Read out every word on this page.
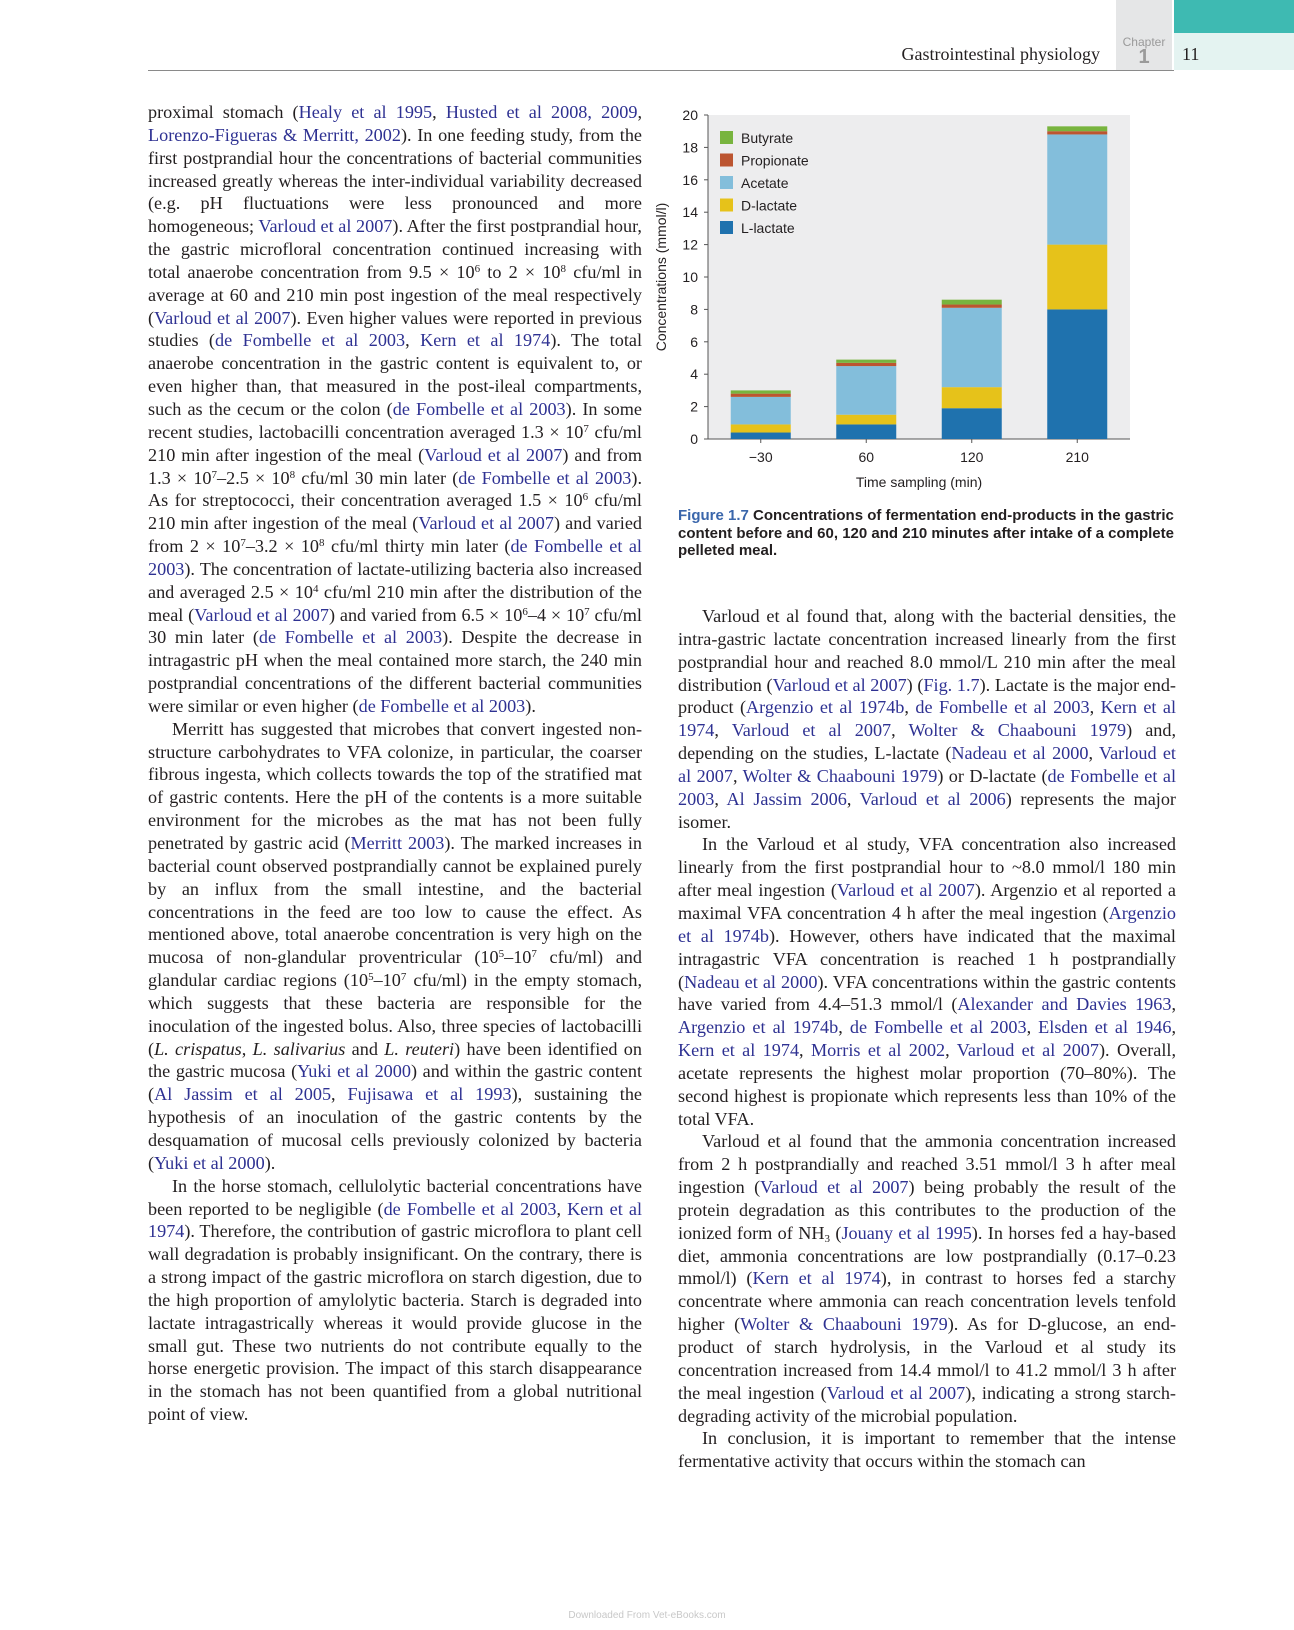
Chapter
1
Gastrointestinal physiology	11

proximal stomach (Healy et al 1995, Husted et al 2008, 2009, Lorenzo-Figueras & Merritt, 2002). In one feeding study, from the first postprandial hour the concentrations of bacterial communities increased greatly whereas the inter-individual variability decreased (e.g. pH fluctuations were less pronounced and more homogeneous; Varloud et al 2007). After the first postprandial hour, the gastric microfloral concentration continued increasing with total anaerobe concentration from $9.5 \times 10^6$ to $2 \times 10^8$ cfu/ml in average at 60 and 210 min post ingestion of the meal respectively (Varloud et al 2007). Even higher values were reported in previous studies (de Fombelle et al 2003, Kern et al 1974). The total anaerobe concentration in the gastric content is equivalent to, or even higher than, that measured in the post-ileal compartments, such as the cecum or the colon (de Fombelle et al 2003). In some recent studies, lactobacilli concentration averaged $1.3 \times 10^7$ cfu/ml 210 min after ingestion of the meal (Varloud et al 2007) and from $1.3 \times 10^7-2.5 \times 10^8$ cfu/ml 30 min later (de Fombelle et al 2003). As for streptococci, their concentration averaged $1.5 \times 10^6$ cfu/ml 210 min after ingestion of the meal (Varloud et al 2007) and varied from $2 \times 10^7-3.2 \times 10^8$ cfu/ml thirty min later (de Fombelle et al 2003). The concentration of lactate-utilizing bacteria also increased and averaged $2.5 \times 10^4$ cfu/ml 210 min after the distribution of the meal (Varloud et al 2007) and varied from $6.5 \times 10^6-4 \times 10^7$ cfu/ml 30 min later (de Fombelle et al 2003). Despite the decrease in intragastric pH when the meal contained more starch, the 240 min postprandial concentrations of the different bacterial communities were similar or even higher (de Fombelle et al 2003).

Merritt has suggested that microbes that convert ingested non-structure carbohydrates to VFA colonize, in particular, the coarser fibrous ingesta, which collects towards the top of the stratified mat of gastric contents. Here the pH of the contents is a more suitable environment for the microbes as the mat has not been fully penetrated by gastric acid (Merritt 2003). The marked increases in bacterial count observed postprandially cannot be explained purely by an influx from the small intestine, and the bacterial concentrations in the feed are too low to cause the effect. As mentioned above, total anaerobe concentration is very high on the mucosa of non-glandular proventricular ($10^5-10^7$ cfu/ml) and glandular cardiac regions ($10^5-10^7$ cfu/ml) in the empty stomach, which suggests that these bacteria are responsible for the inoculation of the ingested bolus. Also, three species of lactobacilli (L. crispatus, L. salivarius and L. reuteri) have been identified on the gastric mucosa (Yuki et al 2000) and within the gastric content (Al Jassim et al 2005, Fujisawa et al 1993), sustaining the hypothesis of an inoculation of the gastric contents by the desquamation of mucosal cells previously colonized by bacteria (Yuki et al 2000).

In the horse stomach, cellulolytic bacterial concentrations have been reported to be negligible (de Fombelle et al 2003, Kern et al 1974). Therefore, the contribution of gastric microflora to plant cell wall degradation is probably insignificant. On the contrary, there is a strong impact of the gastric microflora on starch digestion, due to the high proportion of amylolytic bacteria. Starch is degraded into lactate intragastrically whereas it would provide glucose in the small gut. These two nutrients do not contribute equally to the horse energetic provision. The impact of this starch disappearance in the stomach has not been quantified from a global nutritional point of view.

0
2
4
6
8
10
12
14
16
18
20
−30	60	120	210
Time sampling (min)
Concentrations (mmol/l)
Butyrate
Propionate
Acetate
D-lactate
L-lactate
Figure 1.7 Concentrations of fermentation end-products in the gastric content before and 60, 120 and 210 minutes after intake of a complete pelleted meal.

Varloud et al found that, along with the bacterial densities, the intra-gastric lactate concentration increased linearly from the first postprandial hour and reached 8.0 mmol/L 210 min after the meal distribution (Varloud et al 2007) (Fig. 1.7). Lactate is the major end-product (Argenzio et al 1974b, de Fombelle et al 2003, Kern et al 1974, Varloud et al 2007, Wolter & Chaabouni 1979) and, depending on the studies, L-lactate (Nadeau et al 2000, Varloud et al 2007, Wolter & Chaabouni 1979) or D-lactate (de Fombelle et al 2003, Al Jassim 2006, Varloud et al 2006) represents the major isomer.

In the Varloud et al study, VFA concentration also increased linearly from the first postprandial hour to ~8.0 mmol/l 180 min after meal ingestion (Varloud et al 2007). Argenzio et al reported a maximal VFA concentration 4 h after the meal ingestion (Argenzio et al 1974b). However, others have indicated that the maximal intragastric VFA concentration is reached 1 h postprandially (Nadeau et al 2000). VFA concentrations within the gastric contents have varied from 4.4–51.3 mmol/l (Alexander and Davies 1963, Argenzio et al 1974b, de Fombelle et al 2003, Elsden et al 1946, Kern et al 1974, Morris et al 2002, Varloud et al 2007). Overall, acetate represents the highest molar proportion (70–80%). The second highest is propionate which represents less than 10% of the total VFA.

Varloud et al found that the ammonia concentration increased from 2 h postprandially and reached 3.51 mmol/l 3 h after meal ingestion (Varloud et al 2007) being probably the result of the protein degradation as this contributes to the production of the ionized form of $NH_3$ (Jouany et al 1995). In horses fed a hay-based diet, ammonia concentrations are low postprandially (0.17–0.23 mmol/l) (Kern et al 1974), in contrast to horses fed a starchy concentrate where ammonia can reach concentration levels tenfold higher (Wolter & Chaabouni 1979). As for D-glucose, an end-product of starch hydrolysis, in the Varloud et al study its concentration increased from 14.4 mmol/l to 41.2 mmol/l 3 h after the meal ingestion (Varloud et al 2007), indicating a strong starch-degrading activity of the microbial population.

In conclusion, it is important to remember that the intense fermentative activity that occurs within the stomach can

Downloaded From Vet-eBooks.com
